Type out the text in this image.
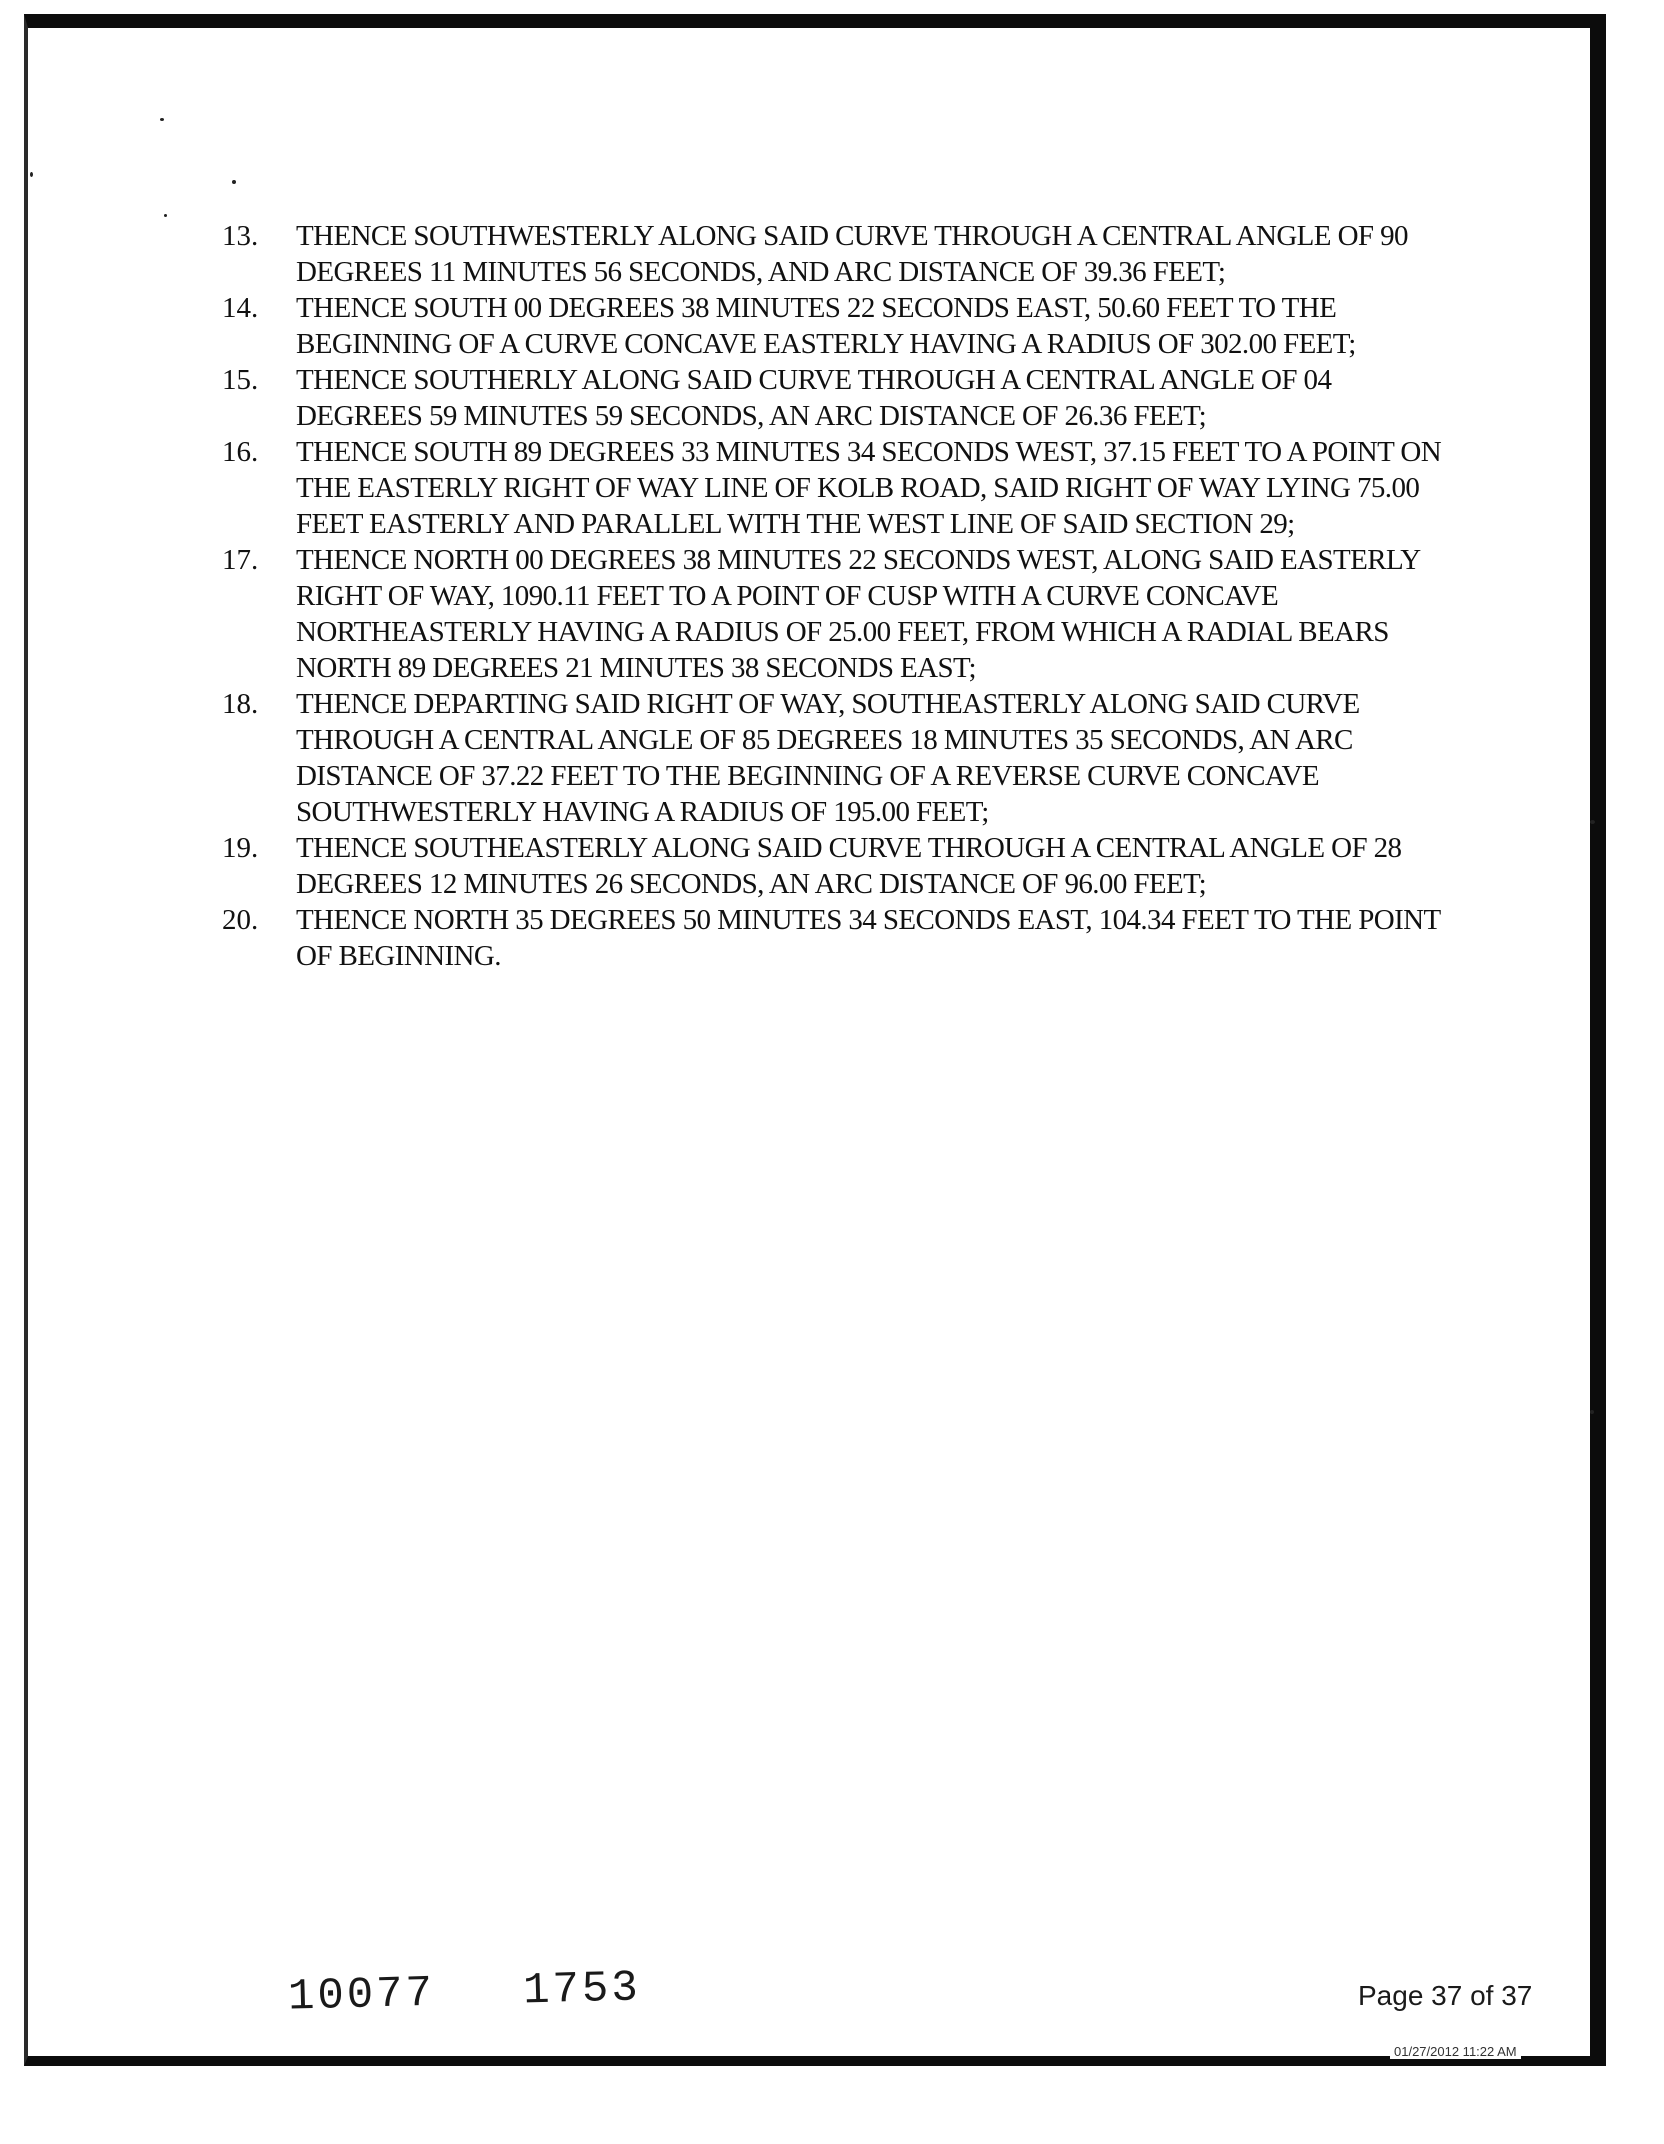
13.	THENCE SOUTHWESTERLY ALONG SAID CURVE THROUGH A CENTRAL ANGLE OF 90 DEGREES 11 MINUTES 56 SECONDS, AND ARC DISTANCE OF 39.36 FEET;
14.	THENCE SOUTH 00 DEGREES 38 MINUTES 22 SECONDS EAST, 50.60 FEET TO THE BEGINNING OF A CURVE CONCAVE EASTERLY HAVING A RADIUS OF 302.00 FEET;
15.	THENCE SOUTHERLY ALONG SAID CURVE THROUGH A CENTRAL ANGLE OF 04 DEGREES 59 MINUTES 59 SECONDS, AN ARC DISTANCE OF 26.36 FEET;
16.	THENCE SOUTH 89 DEGREES 33 MINUTES 34 SECONDS WEST, 37.15 FEET TO A POINT ON THE EASTERLY RIGHT OF WAY LINE OF KOLB ROAD, SAID RIGHT OF WAY LYING 75.00 FEET EASTERLY AND PARALLEL WITH THE WEST LINE OF SAID SECTION 29;
17.	THENCE NORTH 00 DEGREES 38 MINUTES 22 SECONDS WEST, ALONG SAID EASTERLY RIGHT OF WAY, 1090.11 FEET TO A POINT OF CUSP WITH A CURVE CONCAVE NORTHEASTERLY HAVING A RADIUS OF 25.00 FEET, FROM WHICH A RADIAL BEARS NORTH 89 DEGREES 21 MINUTES 38 SECONDS EAST;
18.	THENCE DEPARTING SAID RIGHT OF WAY, SOUTHEASTERLY ALONG SAID CURVE THROUGH A CENTRAL ANGLE OF 85 DEGREES 18 MINUTES 35 SECONDS, AN ARC DISTANCE OF 37.22 FEET TO THE BEGINNING OF A REVERSE CURVE CONCAVE SOUTHWESTERLY HAVING A RADIUS OF 195.00 FEET;
19.	THENCE SOUTHEASTERLY ALONG SAID CURVE THROUGH A CENTRAL ANGLE OF 28 DEGREES 12 MINUTES 26 SECONDS, AN ARC DISTANCE OF 96.00 FEET;
20.	THENCE NORTH 35 DEGREES 50 MINUTES 34 SECONDS EAST, 104.34 FEET TO THE POINT OF BEGINNING.
10077   1753	Page 37 of 37
01/27/2012 11:22 AM
